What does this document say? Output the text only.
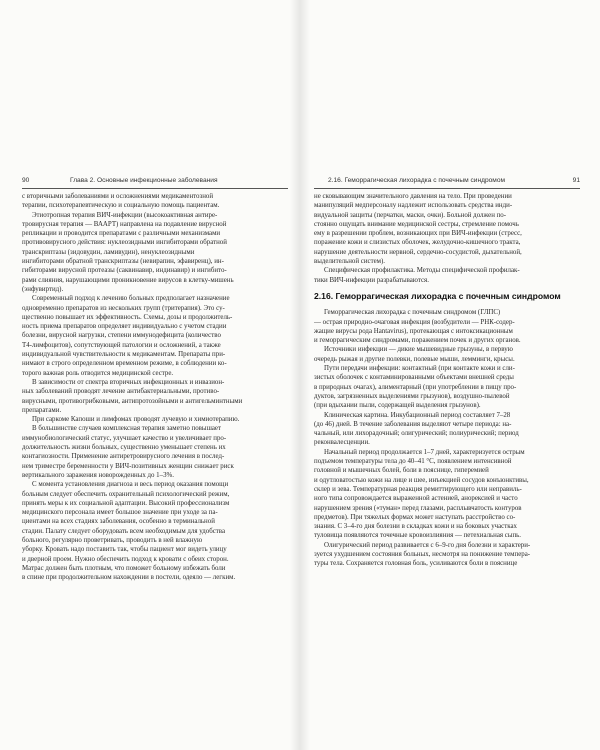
90	Глава 2. Основные инфекционные заболевания
с вторичными заболеваниями и осложнениями медикаментозной
терапии, психотерапевтическую и социальную помощь пациентам.
Этиотропная терапия ВИЧ-инфекции (высокоактивная антире-
тровирусная терапия — ВААРТ) направлена на подавление вирусной
репликации и проводится препаратами с различными механизмами
противовирусного действия: нуклеозидными ингибиторами обратной
транскриптазы (зидовудин, ламивудин), ненуклеозидными
ингибиторами обратной транскриптазы (невирапин, эфавиренц), ин-
гибиторами вирусной протеазы (саквинавир, индинавир) и ингибито-
рами слияния, нарушающими проникновение вирусов в клетку-мишень
(энфувиртид).
Современный подход к лечению больных предполагает назначение
одновременно препаратов из нескольких групп (тритерапия). Это су-
щественно повышает их эффективность. Схемы, дозы и продолжитель-
ность приема препаратов определяет индивидуально с учетом стадии
болезни, вирусной нагрузки, степени иммунодефицита (количество
Т4-лимфоцитов), сопутствующей патологии и осложнений, а также
индивидуальной чувствительности к медикаментам. Препараты при-
нимают в строго определенном временном режиме, в соблюдении ко-
торого важная роль отводится медицинской сестре.
В зависимости от спектра вторичных инфекционных и инвазион-
ных заболеваний проводят лечение антибактериальными, противо-
вирусными, противогрибковыми, антипротозойными и антигельминтными
препаратами.
При саркоме Капоши и лимфомах проводят лучевую и химиотерапию.
В большинстве случаев комплексная терапия заметно повышает
иммунобиологический статус, улучшает качество и увеличивает про-
должительность жизни больных, существенно уменьшает степень их
контагиозности. Применение антиретровирусного лечения в послед-
нем триместре беременности у ВИЧ-позитивных женщин снижает риск
вертикального заражения новорожденных до 1–3%.
С момента установления диагноза и весь период оказания помощи
больным следует обеспечить охранительный психологический режим,
принять меры к их социальной адаптации. Высокий профессионализм
медицинского персонала имеет большое значение при уходе за па-
циентами на всех стадиях заболевания, особенно в терминальной
стадии. Палату следует оборудовать всем необходимым для удобства
больного, регулярно проветривать, проводить в ней влажную
уборку. Кровать надо поставить так, чтобы пациент мог видеть улицу
и дверной проем. Нужно обеспечить подход к кровати с обеих сторон.
Матрас должен быть плотным, что поможет больному избежать боли
в спине при продолжительном нахождении в постели, одеяло — легким.
2.16. Геморрагическая лихорадка с почечным синдромом	91
не сковывающим значительного давления на тело. При проведении
манипуляций медперсоналу надлежит использовать средства инди-
видуальной защиты (перчатки, маски, очки). Больной должен по-
стоянно ощущать внимание медицинской сестры, стремление помочь
ему в разрешении проблем, возникающих при ВИЧ-инфекции (стресс,
поражение кожи и слизистых оболочек, желудочно-кишечного тракта,
нарушение деятельности нервной, сердечно-сосудистой, дыхательной,
выделительной систем).
Специфическая профилактика. Методы специфической профилак-
тики ВИЧ-инфекции разрабатываются.
2.16. Геморрагическая лихорадка с почечным синдромом
Геморрагическая лихорадка с почечным синдромом (ГЛПС)
— острая природно-очаговая инфекция (возбудители — РНК-содер-
жащие вирусы рода Hantavirus), протекающая с интоксикационным
и геморрагическим синдромами, поражением почек и других органов.
Источники инфекции — дикие мышевидные грызуны, в первую
очередь рыжая и другие полевки, полевые мыши, лемминги, крысы.
Пути передачи инфекции: контактный (при контакте кожи и сли-
зистых оболочек с контаминированными объектами внешней среды
в природных очагах), алиментарный (при употреблении в пищу про-
дуктов, загрязненных выделениями грызунов), воздушно-пылевой
(при вдыхании пыли, содержащей выделения грызунов).
Клиническая картина. Инкубационный период составляет 7–28
(до 46) дней. В течение заболевания выделяют четыре периода: на-
чальный, или лихорадочный; олигурический; полиурический; период
реконвалесценции.
Начальный период продолжается 1–7 дней, характеризуется острым
подъемом температуры тела до 40–41 °С, появлением интенсивной
головной и мышечных болей, боли в пояснице, гиперемией
и одутловатостью кожи на лице и шее, инъекцией сосудов конъюнктивы,
склер и зева. Температурная реакция ремиттирующего или неправиль-
ного типа сопровождается выраженной астенией, анорексией и часто
нарушением зрения («туман» перед глазами, расплывчатость контуров
предметов). При тяжелых формах может наступать расстройство со-
знания. С 3–4-го дня болезни в складках кожи и на боковых участках
туловища появляются точечные кровоизлияния — петехиальная сыпь.
Олигурический период развивается с 6–9-го дня болезни и характери-
зуется ухудшением состояния больных, несмотря на понижение темпера-
туры тела. Сохраняется головная боль, усиливаются боли в пояснице
